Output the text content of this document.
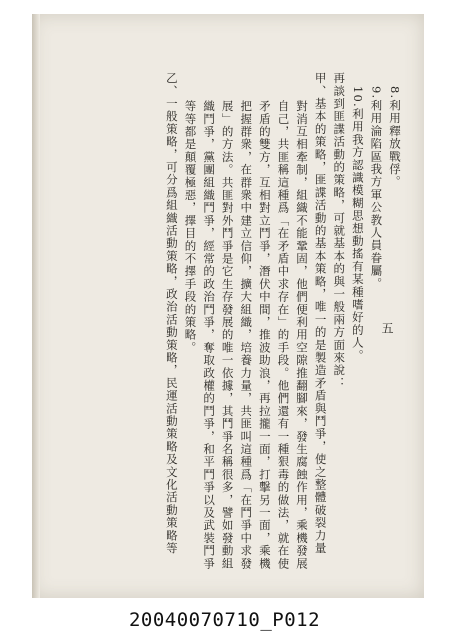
8.利用釋放戰俘。
9.利用淪陷區我方軍公教人員眷屬。
10.利用我方認識模糊思想動搖有某種嗜好的人。
再談到匪諜活動的策略，可就基本的與一般兩方面來說：
甲、基本的策略，匪諜活動的基本策略，唯一的是製造矛盾與鬥爭，使之整體破裂力量
對消互相牽制，組織不能鞏固，他們便利用空隙推翻腳來，發生腐蝕作用，乘機發展
自己，共匪稱這種爲「在矛盾中求存在」的手段。他們還有一種狠毒的做法，就在使
矛盾的雙方，互相對立鬥爭，潛伏中間，推波助浪，再拉攏一面，打擊另一面，乘機
把握群衆，在群衆中建立信仰，擴大組織，培養力量，共匪叫這種爲「在鬥爭中求發
展」的方法。共匪對外鬥爭是它生存發展的唯一依據，其鬥爭名稱很多，譬如發動組
織鬥爭，黨團組織鬥爭，經常的政治鬥爭，奪取政權的鬥爭，和平鬥爭以及武裝鬥爭
等等都是顛覆極惡，擇目的不擇手段的策略。
乙、一般策略，可分爲組織活動策略，政治活動策略，民運活動策略及文化活動策略等	五
20040070710_P012
